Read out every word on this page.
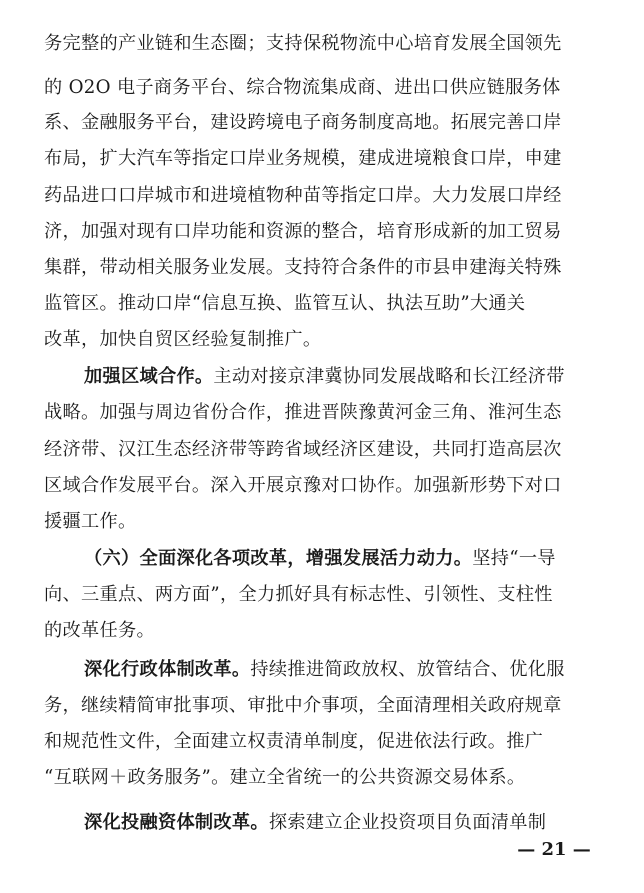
务完整的产业链和生态圈；支持保税物流中心培育发展全国领先
的 O2O 电子商务平台、综合物流集成商、进出口供应链服务体
系、金融服务平台，建设跨境电子商务制度高地。拓展完善口岸
布局，扩大汽车等指定口岸业务规模，建成进境粮食口岸，申建
药品进口口岸城市和进境植物种苗等指定口岸。大力发展口岸经
济，加强对现有口岸功能和资源的整合，培育形成新的加工贸易
集群，带动相关服务业发展。支持符合条件的市县申建海关特殊
监管区。推动口岸“信息互换、监管互认、执法互助”大通关
改革，加快自贸区经验复制推广。
加强区域合作。主动对接京津冀协同发展战略和长江经济带
战略。加强与周边省份合作，推进晋陕豫黄河金三角、淮河生态
经济带、汉江生态经济带等跨省域经济区建设，共同打造高层次
区域合作发展平台。深入开展京豫对口协作。加强新形势下对口
援疆工作。
（六）全面深化各项改革，增强发展活力动力。坚持“一导
向、三重点、两方面”，全力抓好具有标志性、引领性、支柱性
的改革任务。
深化行政体制改革。持续推进简政放权、放管结合、优化服
务，继续精简审批事项、审批中介事项，全面清理相关政府规章
和规范性文件，全面建立权责清单制度，促进依法行政。推广
“互联网＋政务服务”。建立全省统一的公共资源交易体系。
深化投融资体制改革。探索建立企业投资项目负面清单制
— 21 —
